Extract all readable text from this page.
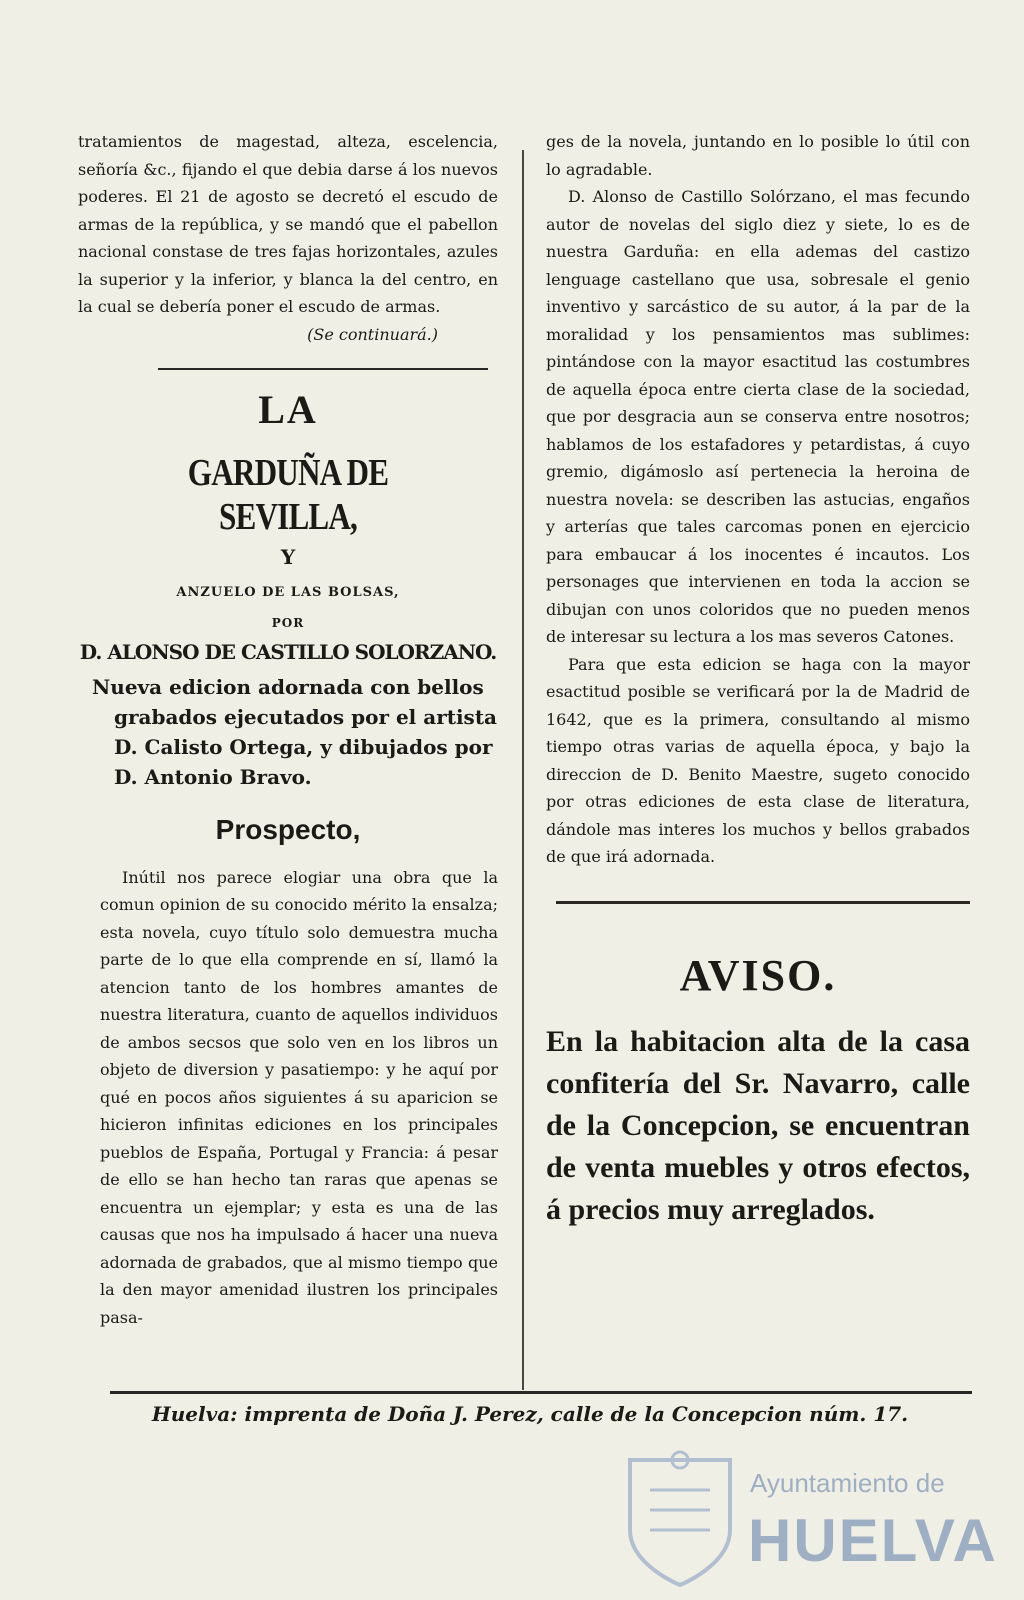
tratamientos de magestad, alteza, escelencia, señoría &c., fijando el que debia darse á los nuevos poderes. El 21 de agosto se decretó el escudo de armas de la república, y se mandó que el pabellon nacional constase de tres fajas horizontales, azules la superior y la inferior, y blanca la del centro, en la cual se debería poner el escudo de armas.

(Se continuará.)
LA
GARDUÑA DE SEVILLA,
Y
ANZUELO DE LAS BOLSAS,
POR
D. ALONSO DE CASTILLO SOLORZANO.

Nueva edicion adornada con bellos grabados ejecutados por el artista D. Calisto Ortega, y dibujados por D. Antonio Bravo.

Prospecto,

Inútil nos parece elogiar una obra que la comun opinion de su conocido mérito la ensalza; esta novela, cuyo título solo demuestra mucha parte de lo que ella comprende en sí, llamó la atencion tanto de los hombres amantes de nuestra literatura, cuanto de aquellos individuos de ambos secsos que solo ven en los libros un objeto de diversion y pasatiempo: y he aquí por qué en pocos años siguientes á su aparicion se hicieron infinitas ediciones en los principales pueblos de España, Portugal y Francia: á pesar de ello se han hecho tan raras que apenas se encuentra un ejemplar; y esta es una de las causas que nos ha impulsado á hacer una nueva adornada de grabados, que al mismo tiempo que la den mayor amenidad ilustren los principales pasa-

ges de la novela, juntando en lo posible lo útil con lo agradable.

D. Alonso de Castillo Solórzano, el mas fecundo autor de novelas del siglo diez y siete, lo es de nuestra Garduña: en ella ademas del castizo lenguage castellano que usa, sobresale el genio inventivo y sarcástico de su autor, á la par de la moralidad y los pensamientos mas sublimes: pintándose con la mayor esactitud las costumbres de aquella época entre cierta clase de la sociedad, que por desgracia aun se conserva entre nosotros; hablamos de los estafadores y petardistas, á cuyo gremio, digámoslo así pertenecia la heroina de nuestra novela: se describen las astucias, engaños y arterías que tales carcomas ponen en ejercicio para embaucar á los inocentes é incautos. Los personages que intervienen en toda la accion se dibujan con unos coloridos que no pueden menos de interesar su lectura a los mas severos Catones.

Para que esta edicion se haga con la mayor esactitud posible se verificará por la de Madrid de 1642, que es la primera, consultando al mismo tiempo otras varias de aquella época, y bajo la direccion de D. Benito Maestre, sugeto conocido por otras ediciones de esta clase de literatura, dándole mas interes los muchos y bellos grabados de que irá adornada.

AVISO.

En la habitacion alta de la casa confitería del Sr. Navarro, calle de la Concepcion, se encuentran de venta muebles y otros efectos, á precios muy arreglados.

Huelva: imprenta de Doña J. Perez, calle de la Concepcion núm. 17.
Ayuntamiento de
HUELVA
